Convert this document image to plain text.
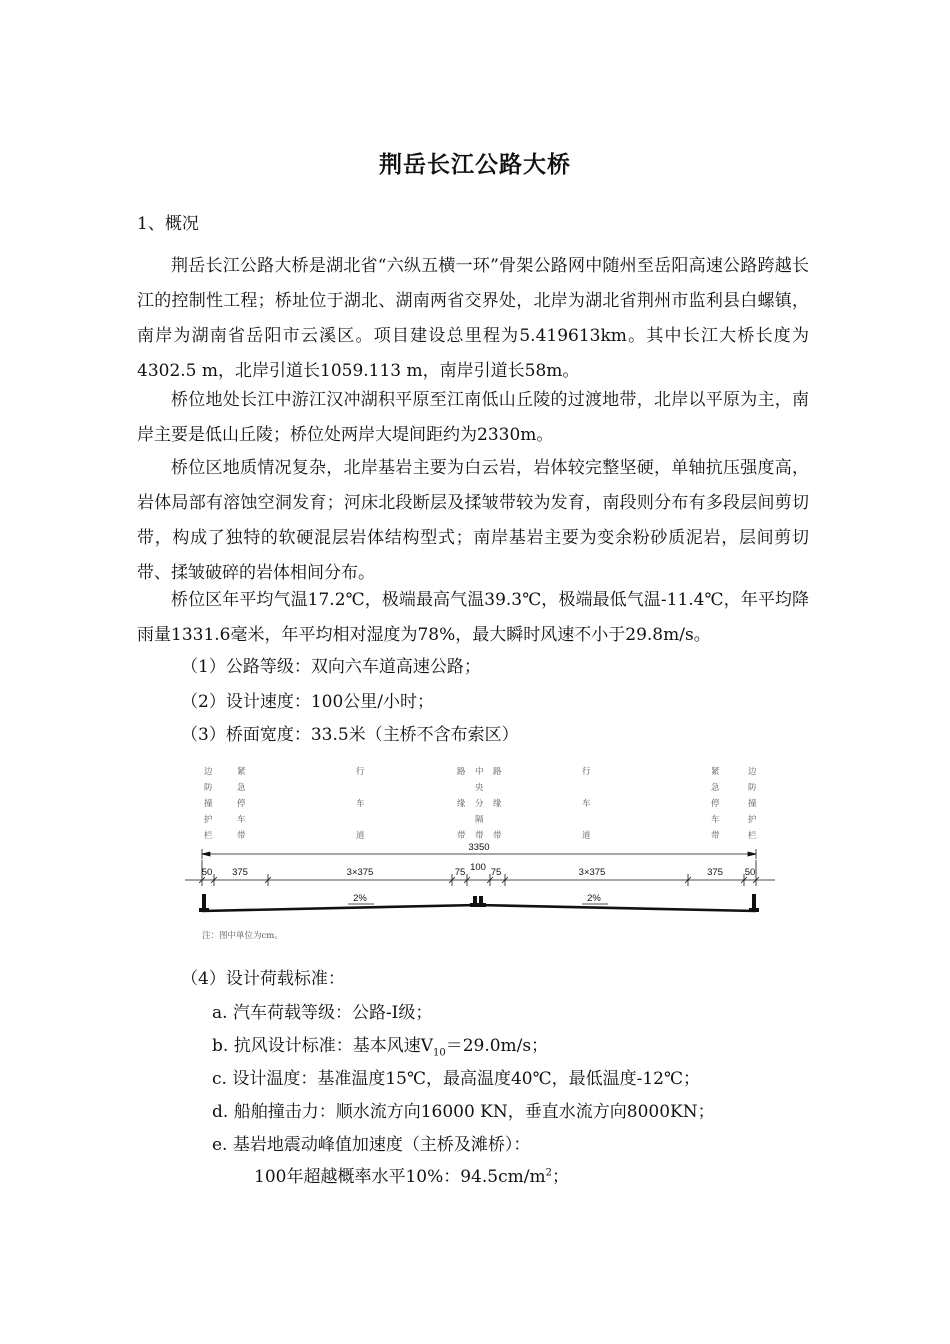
荆岳长江公路大桥
1、概况

荆岳长江公路大桥是湖北省“六纵五横一环”骨架公路网中随州至岳阳高速公路跨越长江的控制性工程；桥址位于湖北、湖南两省交界处，北岸为湖北省荆州市监利县白螺镇，南岸为湖南省岳阳市云溪区。项目建设总里程为5.419613km。其中长江大桥长度为4302.5 m，北岸引道长1059.113 m，南岸引道长58m。

桥位地处长江中游江汉冲湖积平原至江南低山丘陵的过渡地带，北岸以平原为主，南岸主要是低山丘陵；桥位处两岸大堤间距约为2330m。

桥位区地质情况复杂，北岸基岩主要为白云岩，岩体较完整坚硬，单轴抗压强度高，岩体局部有溶蚀空洞发育；河床北段断层及揉皱带较为发育，南段则分布有多段层间剪切带，构成了独特的软硬混层岩体结构型式；南岸基岩主要为变余粉砂质泥岩，层间剪切带、揉皱破碎的岩体相间分布。

桥位区年平均气温17.2℃，极端最高气温39.3℃，极端最低气温-11.4℃，年平均降雨量1331.6毫米，年平均相对湿度为78%，最大瞬时风速不小于29.8m/s。

（1）公路等级：双向六车道高速公路；
（2）设计速度：100公里/小时；
（3）桥面宽度：33.5米（主桥不含布索区）
边
防
撞
护
栏
紧
急
停
车
带
行
车
道
路
缘
带
中
央
分
隔
带
路
缘
带
行
车
道
紧
急
停
车
带
边
防
撞
护
栏
3350
50 375	3×375	75 100 75	3×375	375 50
2%	2%
注：图中单位为cm。
（4）设计荷载标准：
a. 汽车荷载等级：公路-Ⅰ级；
b. 抗风设计标准：基本风速$V_{10}=29.0m/s$；
c. 设计温度：基准温度15℃，最高温度40℃，最低温度-12℃；
d. 船舶撞击力：顺水流方向16000 KN，垂直水流方向8000KN；
e. 基岩地震动峰值加速度（主桥及滩桥）：
100年超越概率水平10%：$94.5cm/m^2$；
